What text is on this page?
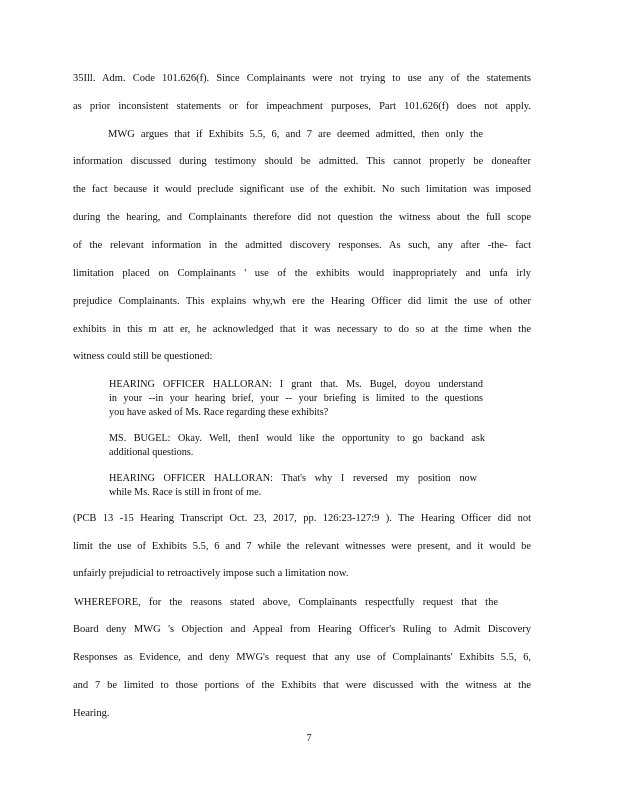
35Ill. Adm. Code 101.626(f). Since Complainants were not trying to use any of the statements
as prior inconsistent statements or for impeachment purposes, Part 101.626(f) does not apply.
MWG argues that if Exhibits 5.5, 6, and 7 are deemed admitted, then only the
information discussed during testimony should be admitted. This cannot properly be doneafter
the fact because it would preclude significant use of the exhibit. No such limitation was imposed
during the hearing, and Complainants therefore did not question the witness about the full scope
of the relevant information in the admitted discovery responses. As such, any after -the- fact
limitation placed on Complainants ' use of the exhibits would inappropriately and unfa irly
prejudice Complainants. This explains why,wh ere the Hearing Officer did limit the use of other
exhibits in this m att er, he acknowledged that it was necessary to do so at the time when the
witness could still be questioned:
HEARING OFFICER HALLORAN: I grant that. Ms. Bugel, doyou understand
in your --in your hearing brief, your -- your briefing is limited to the questions
you have asked of Ms. Race regarding these exhibits?
MS. BUGEL: Okay. Well, thenI would like the opportunity to go backand ask
additional questions.
HEARING OFFICER HALLORAN: That's why I reversed my position now
while Ms. Race is still in front of me.
(PCB 13 -15 Hearing Transcript Oct. 23, 2017, pp. 126:23-127:9 ). The Hearing Officer did not
limit the use of Exhibits 5.5, 6 and 7 while the relevant witnesses were present, and it would be
unfairly prejudicial to retroactively impose such a limitation now.
WHEREFORE, for the reasons stated above, Complainants respectfully request that the
Board deny MWG 's Objection and Appeal from Hearing Officer's Ruling to Admit Discovery
Responses as Evidence, and deny MWG's request that any use of Complainants' Exhibits 5.5, 6,
and 7 be limited to those portions of the Exhibits that were discussed with the witness at the
Hearing.
7
